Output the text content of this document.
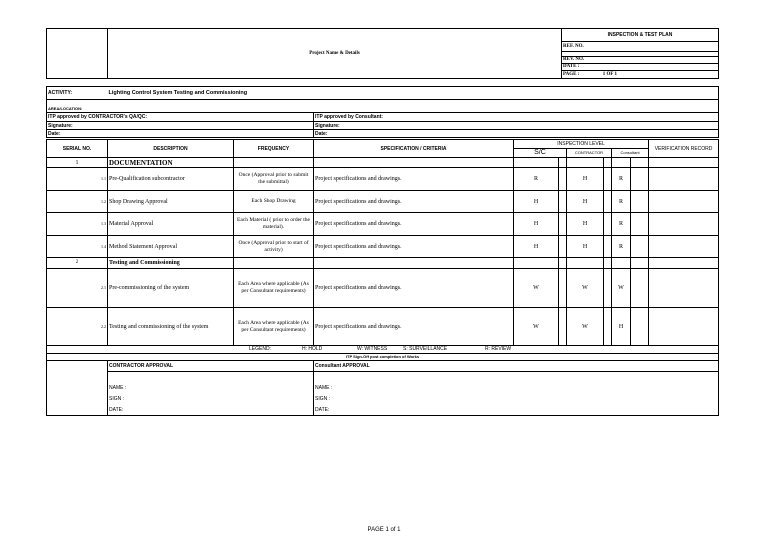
	Project Name & Details	INSPECTION & TEST PLAN
REF. NO.

REV. NO.
DATE :
PAGE :	1 OF 1
ACTIVITY:	Lighting Control System Testing and Commissioning	
AREA/LOCATION:		
ITP approved by CONTRACTOR's QA/QC:		ITP approved by Consultant:
Signature:		Signature:
Date:		Date:
SERIAL NO.	DESCRIPTION	FREQUENCY	SPECIFICATION / CRITERIA	INSPECTION LEVEL						VERIFICATION RECORD
				S/C		CONTRACTOR		Consultant		
1	DOCUMENTATION									
1.1	Pre-Qualification subcontractor	Once (Approval prior to submit the submittal)	Project specifications and drawings.	R		H		R		
1.2	Shop Drawing Approval	Each Shop Drawing	Project specifications and drawings.	H		H		R		
1.3	Material Approval	Each Material ( prior to order the material).	Project specifications and drawings.	H		H		R		
1.4	Method Statement Approval	Once (Approval prior to start of activity)	Project specifications and drawings.	H		H		R		
2	Testing and Commissioning									
2.1	Pre-commissioning of the system	Each Area where applicable (As per Consultant requirements)	Project specifications and drawings.	W		W		W		
2.2	Testing and commissioning of the system	Each Area where applicable (As per Consultant requirements)	Project specifications and drawings.	W		W		H		
LEGEND: H: HOLD W: WITNESS S: SURVEILLANCE R: REVIEW		

ITP Sign-Off post completion of Works		
	CONTRACTOR APPROVAL	Consultant APPROVAL

	NAME :	NAME :
	SIGN :	SIGN :
	DATE:	DATE:
PAGE 1 of 1
